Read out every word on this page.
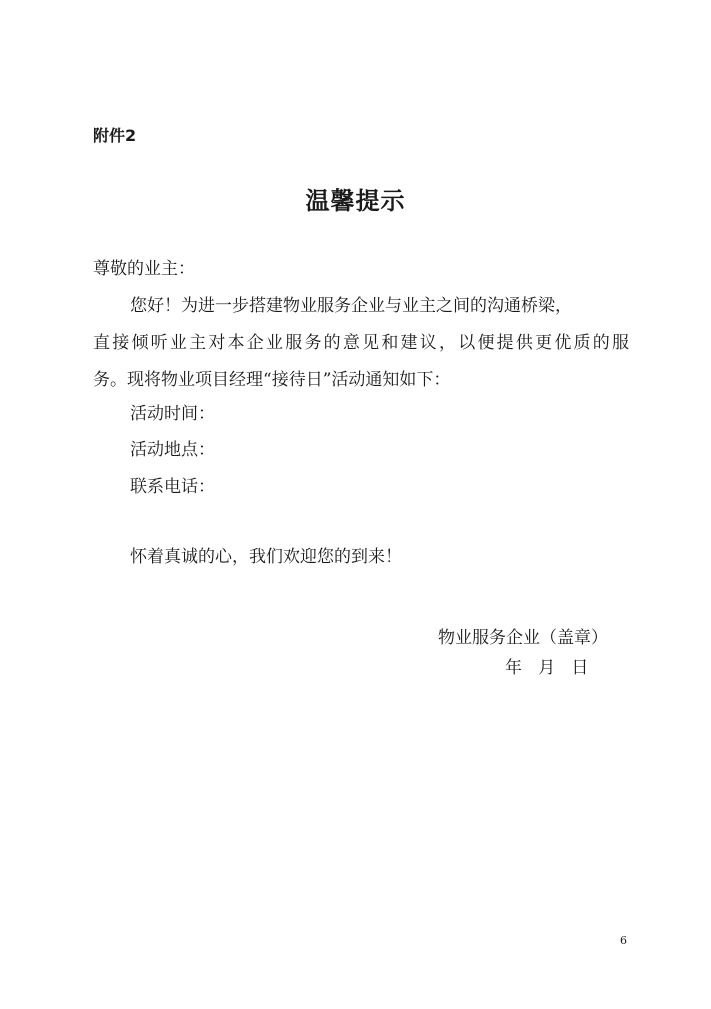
附件2
温馨提示
尊敬的业主：
您好！为进一步搭建物业服务企业与业主之间的沟通桥梁，
直接倾听业主对本企业服务的意见和建议，以便提供更优质的服
务。现将物业项目经理“接待日”活动通知如下：
活动时间：
活动地点：
联系电话：
怀着真诚的心，我们欢迎您的到来！
物业服务企业（盖章）
年   月   日
6
